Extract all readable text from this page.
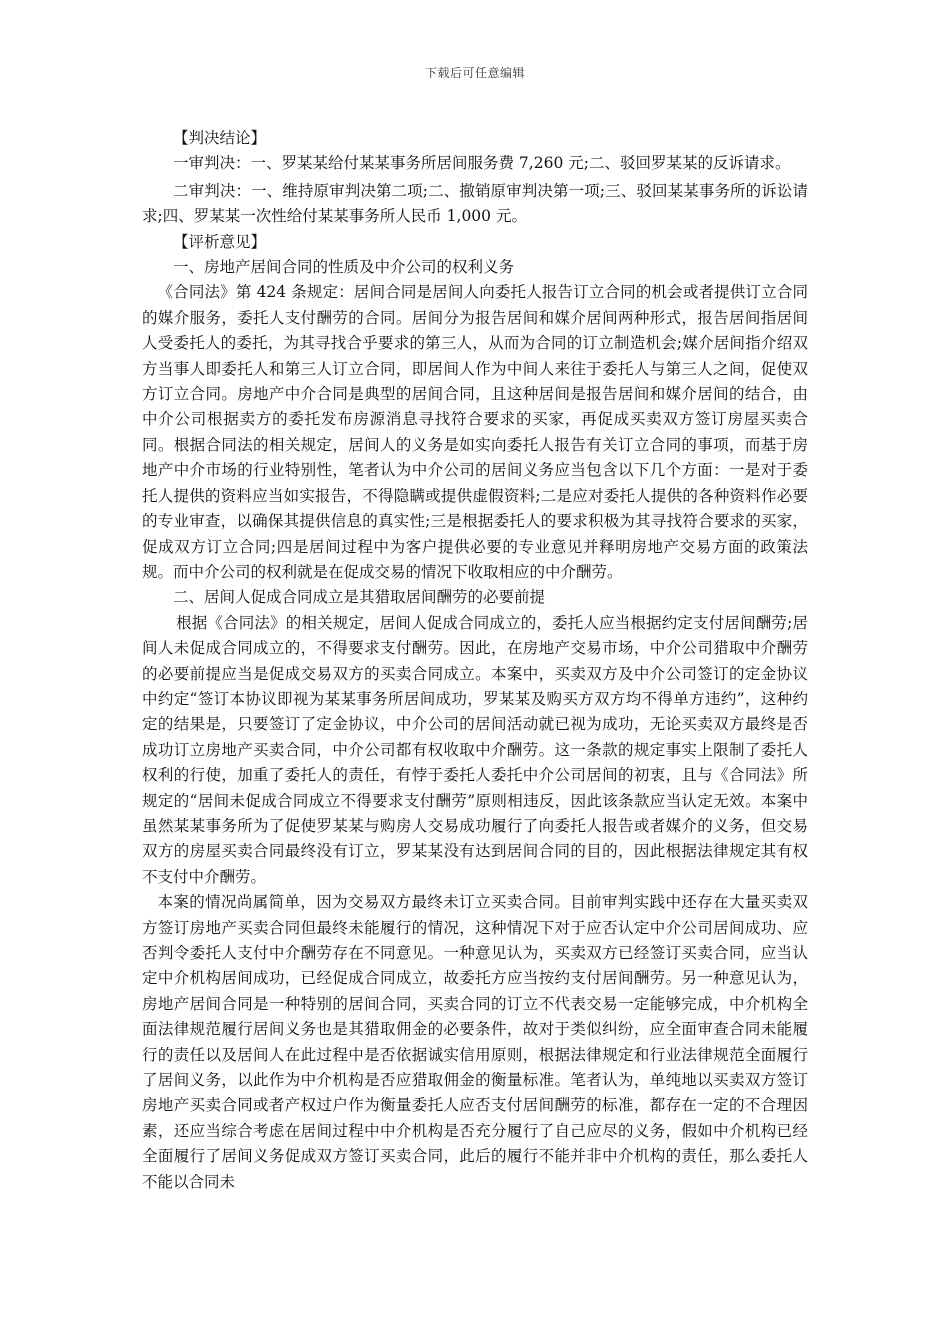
下载后可任意编辑

【判决结论】

一审判决：一、罗某某给付某某事务所居间服务费 7,260 元;二、驳回罗某某的反诉请求。

二审判决：一、维持原审判决第二项;二、撤销原审判决第一项;三、驳回某某事务所的诉讼请求;四、罗某某一次性给付某某事务所人民币 1,000 元。

【评析意见】

一、房地产居间合同的性质及中介公司的权利义务

《合同法》第 424 条规定：居间合同是居间人向委托人报告订立合同的机会或者提供订立合同的媒介服务，委托人支付酬劳的合同。居间分为报告居间和媒介居间两种形式，报告居间指居间人受委托人的委托，为其寻找合乎要求的第三人，从而为合同的订立制造机会;媒介居间指介绍双方当事人即委托人和第三人订立合同，即居间人作为中间人来往于委托人与第三人之间，促使双方订立合同。房地产中介合同是典型的居间合同，且这种居间是报告居间和媒介居间的结合，由中介公司根据卖方的委托发布房源消息寻找符合要求的买家，再促成买卖双方签订房屋买卖合同。根据合同法的相关规定，居间人的义务是如实向委托人报告有关订立合同的事项，而基于房地产中介市场的行业特别性，笔者认为中介公司的居间义务应当包含以下几个方面：一是对于委托人提供的资料应当如实报告，不得隐瞒或提供虚假资料;二是应对委托人提供的各种资料作必要的专业审查，以确保其提供信息的真实性;三是根据委托人的要求积极为其寻找符合要求的买家，促成双方订立合同;四是居间过程中为客户提供必要的专业意见并释明房地产交易方面的政策法规。而中介公司的权利就是在促成交易的情况下收取相应的中介酬劳。

二、居间人促成合同成立是其猎取居间酬劳的必要前提

根据《合同法》的相关规定，居间人促成合同成立的，委托人应当根据约定支付居间酬劳;居间人未促成合同成立的，不得要求支付酬劳。因此，在房地产交易市场，中介公司猎取中介酬劳的必要前提应当是促成交易双方的买卖合同成立。本案中，买卖双方及中介公司签订的定金协议中约定“签订本协议即视为某某事务所居间成功，罗某某及购买方双方均不得单方违约”，这种约定的结果是，只要签订了定金协议，中介公司的居间活动就已视为成功，无论买卖双方最终是否成功订立房地产买卖合同，中介公司都有权收取中介酬劳。这一条款的规定事实上限制了委托人权利的行使，加重了委托人的责任，有悖于委托人委托中介公司居间的初衷，且与《合同法》所规定的“居间未促成合同成立不得要求支付酬劳”原则相违反，因此该条款应当认定无效。本案中虽然某某事务所为了促使罗某某与购房人交易成功履行了向委托人报告或者媒介的义务，但交易双方的房屋买卖合同最终没有订立，罗某某没有达到居间合同的目的，因此根据法律规定其有权不支付中介酬劳。

本案的情况尚属简单，因为交易双方最终未订立买卖合同。目前审判实践中还存在大量买卖双方签订房地产买卖合同但最终未能履行的情况，这种情况下对于应否认定中介公司居间成功、应否判令委托人支付中介酬劳存在不同意见。一种意见认为，买卖双方已经签订买卖合同，应当认定中介机构居间成功，已经促成合同成立，故委托方应当按约支付居间酬劳。另一种意见认为，房地产居间合同是一种特别的居间合同，买卖合同的订立不代表交易一定能够完成，中介机构全面法律规范履行居间义务也是其猎取佣金的必要条件，故对于类似纠纷，应全面审查合同未能履行的责任以及居间人在此过程中是否依据诚实信用原则，根据法律规定和行业法律规范全面履行了居间义务，以此作为中介机构是否应猎取佣金的衡量标准。笔者认为，单纯地以买卖双方签订房地产买卖合同或者产权过户作为衡量委托人应否支付居间酬劳的标准，都存在一定的不合理因素，还应当综合考虑在居间过程中中介机构是否充分履行了自己应尽的义务，假如中介机构已经全面履行了居间义务促成双方签订买卖合同，此后的履行不能并非中介机构的责任，那么委托人不能以合同未
